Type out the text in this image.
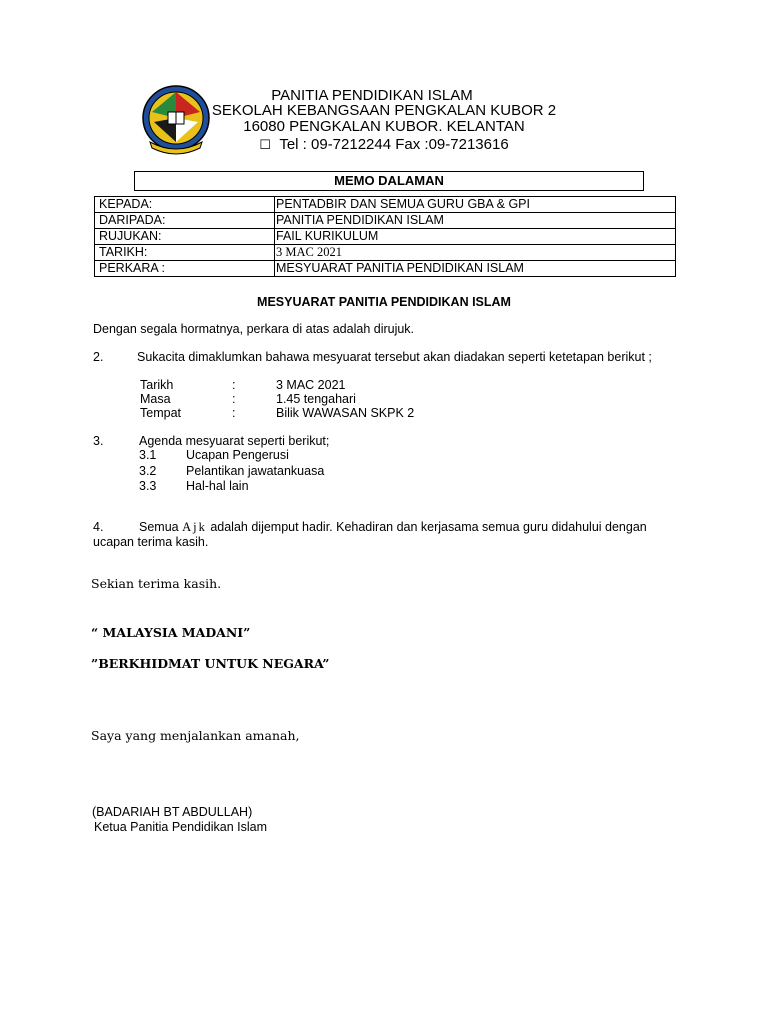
PANITIA PENDIDIKAN ISLAM
SEKOLAH KEBANGSAAN PENGKALAN KUBOR 2
16080 PENGKALAN KUBOR. KELANTAN
☐ Tel : 09-7212244 Fax :09-7213616
MEMO DALAMAN
KEPADA:	PENTADBIR DAN SEMUA GURU GBA & GPI
DARIPADA:	PANITIA PENDIDIKAN ISLAM
RUJUKAN:	FAIL KURIKULUM
TARIKH:	3 MAC 2021
PERKARA :	MESYUARAT PANITIA PENDIDIKAN ISLAM
MESYUARAT PANITIA PENDIDIKAN ISLAM
Dengan segala hormatnya, perkara di atas adalah dirujuk.
2.	Sukacita dimaklumkan bahawa mesyuarat tersebut akan diadakan seperti ketetapan berikut ;
Tarikh	:	3 MAC 2021
Masa	:	1.45 tengahari
Tempat	:	Bilik WAWASAN SKPK 2
3.	Agenda mesyuarat seperti berikut;
3.1 Ucapan Pengerusi
3.2 Pelantikan jawatankuasa
3.3 Hal-hal lain
4.	Semua Ajk adalah dijemput hadir. Kehadiran dan kerjasama semua guru didahului dengan
ucapan terima kasih.
Sekian terima kasih.
“ MALAYSIA MADANI”
”BERKHIDMAT UNTUK NEGARA”
Saya yang menjalankan amanah,
(BADARIAH BT ABDULLAH)
Ketua Panitia Pendidikan Islam
